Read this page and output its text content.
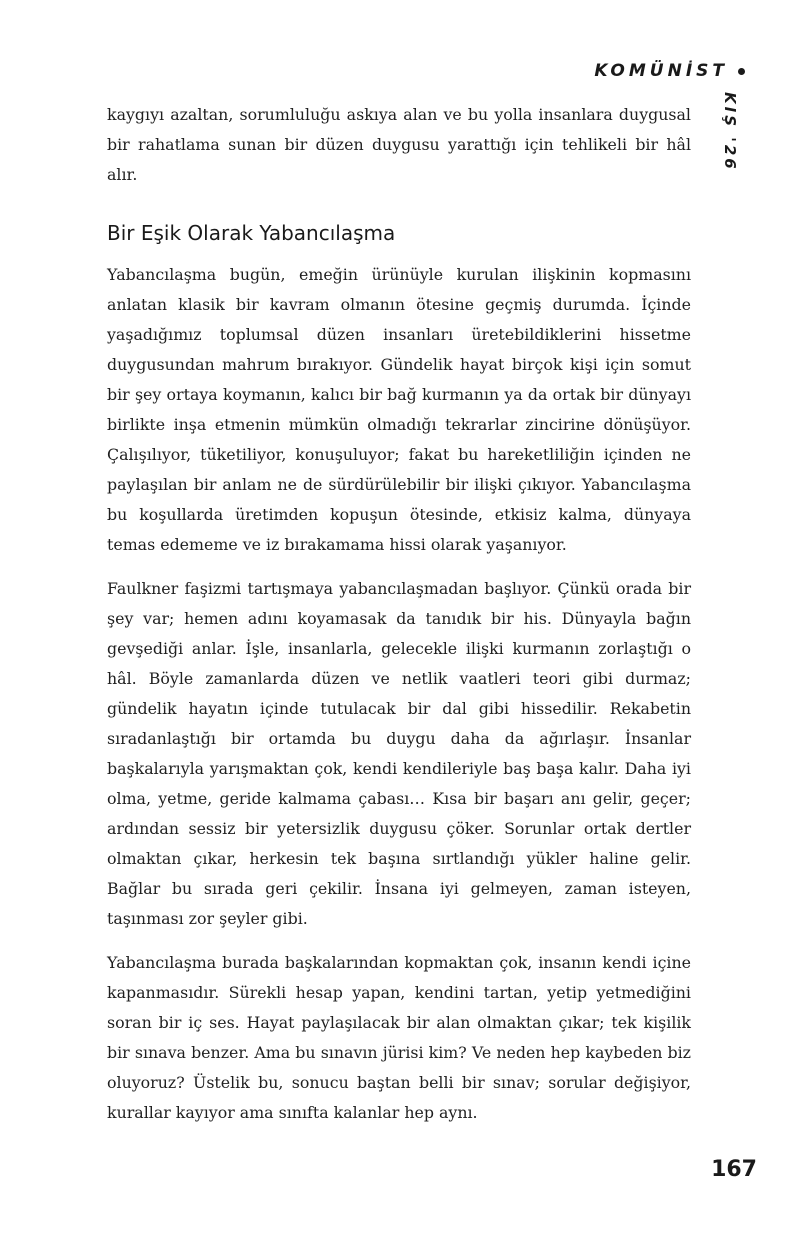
KOMÜNİST
KIŞ '26

kaygıyı azaltan, sorumluluğu askıya alan ve bu yolla insanlara duygusal bir rahatlama sunan bir düzen duygusu yarattığı için tehlikeli bir hâl alır.

Bir Eşik Olarak Yabancılaşma

Yabancılaşma bugün, emeğin ürünüyle kurulan ilişkinin kopmasını anlatan klasik bir kavram olmanın ötesine geçmiş durumda. İçinde yaşadığımız toplumsal düzen insanları üretebildiklerini hissetme duygusundan mahrum bırakıyor. Gündelik hayat birçok kişi için somut bir şey ortaya koymanın, kalıcı bir bağ kurmanın ya da ortak bir dünyayı birlikte inşa etmenin mümkün olmadığı tekrarlar zincirine dönüşüyor. Çalışılıyor, tüketiliyor, konuşuluyor; fakat bu hareketliliğin içinden ne paylaşılan bir anlam ne de sürdürülebilir bir ilişki çıkıyor. Yabancılaşma bu koşullarda üretimden kopuşun ötesinde, etkisiz kalma, dünyaya temas edememe ve iz bırakamama hissi olarak yaşanıyor.

Faulkner faşizmi tartışmaya yabancılaşmadan başlıyor. Çünkü orada bir şey var; hemen adını koyamasak da tanıdık bir his. Dünyayla bağın gevşediği anlar. İşle, insanlarla, gelecekle ilişki kurmanın zorlaştığı o hâl. Böyle zamanlarda düzen ve netlik vaatleri teori gibi durmaz; gündelik hayatın içinde tutulacak bir dal gibi hissedilir. Rekabetin sıradanlaştığı bir ortamda bu duygu daha da ağırlaşır. İnsanlar başkalarıyla yarışmaktan çok, kendi kendileriyle baş başa kalır. Daha iyi olma, yetme, geride kalmama çabası… Kısa bir başarı anı gelir, geçer; ardından sessiz bir yetersizlik duygusu çöker. Sorunlar ortak dertler olmaktan çıkar, herkesin tek başına sırtlandığı yükler haline gelir. Bağlar bu sırada geri çekilir. İnsana iyi gelmeyen, zaman isteyen, taşınması zor şeyler gibi.

Yabancılaşma burada başkalarından kopmaktan çok, insanın kendi içine kapanmasıdır. Sürekli hesap yapan, kendini tartan, yetip yetmediğini soran bir iç ses. Hayat paylaşılacak bir alan olmaktan çıkar; tek kişilik bir sınava benzer. Ama bu sınavın jürisi kim? Ve neden hep kaybeden biz oluyoruz? Üstelik bu, sonucu baştan belli bir sınav; sorular değişiyor, kurallar kayıyor ama sınıfta kalanlar hep aynı.

167
